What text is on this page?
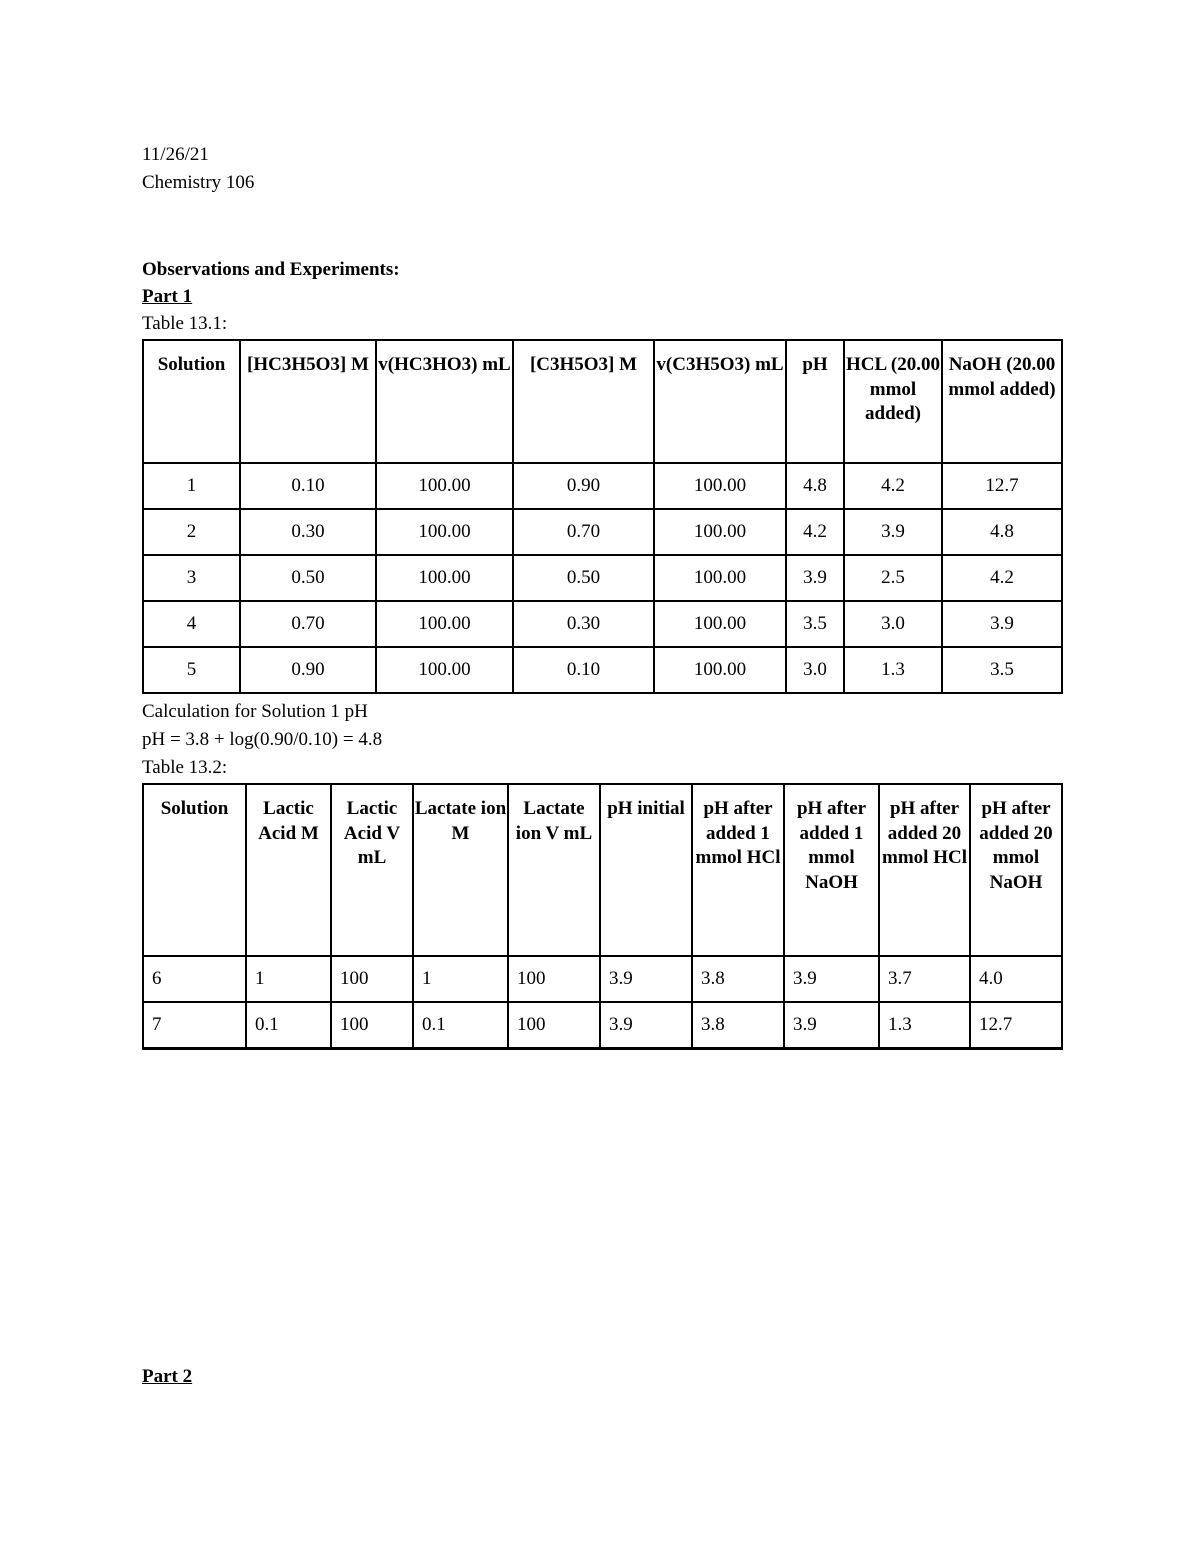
11/26/21
Chemistry 106
Observations and Experiments:
Part 1
Table 13.1:
Solution	[HC3H5O3] M	v(HC3HO3) mL	[C3H5O3] M	v(C3H5O3) mL	pH	HCL (20.00 mmol added)	NaOH (20.00 mmol added)
1	0.10	100.00	0.90	100.00	4.8	4.2	12.7
2	0.30	100.00	0.70	100.00	4.2	3.9	4.8
3	0.50	100.00	0.50	100.00	3.9	2.5	4.2
4	0.70	100.00	0.30	100.00	3.5	3.0	3.9
5	0.90	100.00	0.10	100.00	3.0	1.3	3.5
Calculation for Solution 1 pH
pH = 3.8 + log(0.90/0.10) = 4.8
Table 13.2:
Solution	Lactic Acid M	Lactic Acid V mL	Lactate ion M	Lactate ion V mL	pH initial	pH after added 1 mmol HCl	pH after added 1 mmol NaOH	pH after added 20 mmol HCl	pH after added 20 mmol NaOH
6	1	100	1	100	3.9	3.8	3.9	3.7	4.0
7	0.1	100	0.1	100	3.9	3.8	3.9	1.3	12.7
Part 2
